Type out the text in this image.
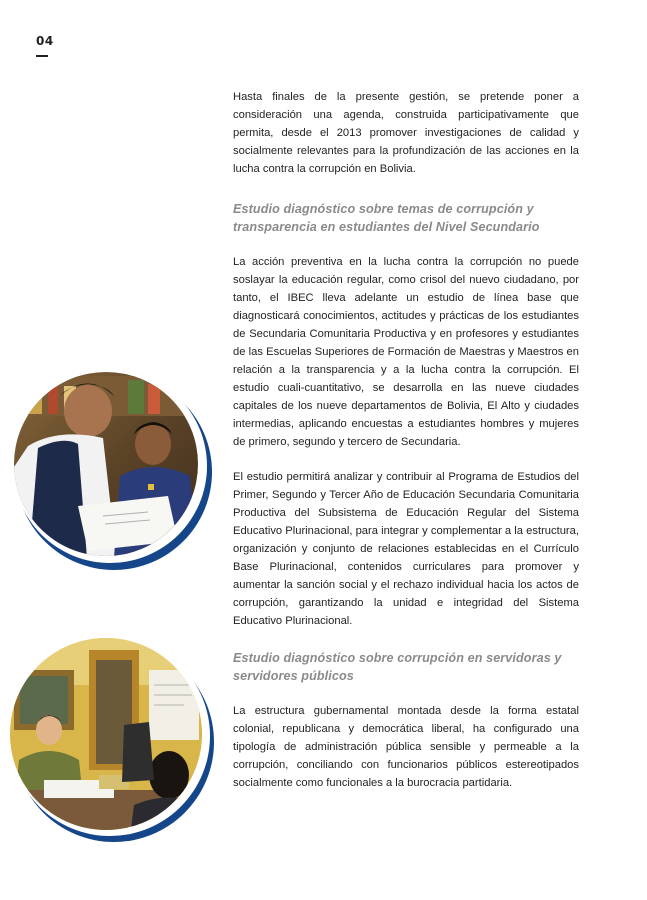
04

Hasta finales de la presente gestión, se pretende poner a consideración una agenda, construida participativamente que permita, desde el 2013 promover investigaciones de calidad y socialmente relevantes para la profundización de las acciones en la lucha contra la corrupción en Bolivia.

Estudio diagnóstico sobre temas de corrupción y
transparencia en estudiantes del Nivel Secundario

La acción preventiva en la lucha contra la corrupción no puede soslayar la educación regular, como crisol del nuevo ciudadano, por tanto, el IBEC lleva adelante un estudio de línea base que diagnosticará conocimientos, actitudes y prácticas de los estudiantes de Secundaria Comunitaria Productiva y en profesores y estudiantes de las Escuelas Superiores de Formación de Maestras y Maestros en relación a la transparencia y a la lucha contra la corrupción. El estudio cuali-cuantitativo, se desarrolla en las nueve ciudades capitales de los nueve departamentos de Bolivia, El Alto y ciudades intermedias, aplicando encuestas a estudiantes hombres y mujeres de primero, segundo y tercero de Secundaria.

El estudio permitirá analizar y contribuir al Programa de Estudios del Primer, Segundo y Tercer Año de Educación Secundaria Comunitaria Productiva del Subsistema de Educación Regular del Sistema Educativo Plurinacional, para integrar y complementar a la estructura, organización y conjunto de relaciones establecidas en el Currículo Base Plurinacional, contenidos curriculares para promover y aumentar la sanción social y el rechazo individual hacia los actos de corrupción, garantizando la unidad e integridad del Sistema Educativo Plurinacional.

Estudio diagnóstico sobre corrupción en servidoras y
servidores públicos

La estructura gubernamental montada desde la forma estatal colonial, republicana y democrática liberal, ha configurado una tipología de administración pública sensible y permeable a la corrupción, conciliando con funcionarios públicos estereotipados socialmente como funcionales a la burocracia partidaria.
